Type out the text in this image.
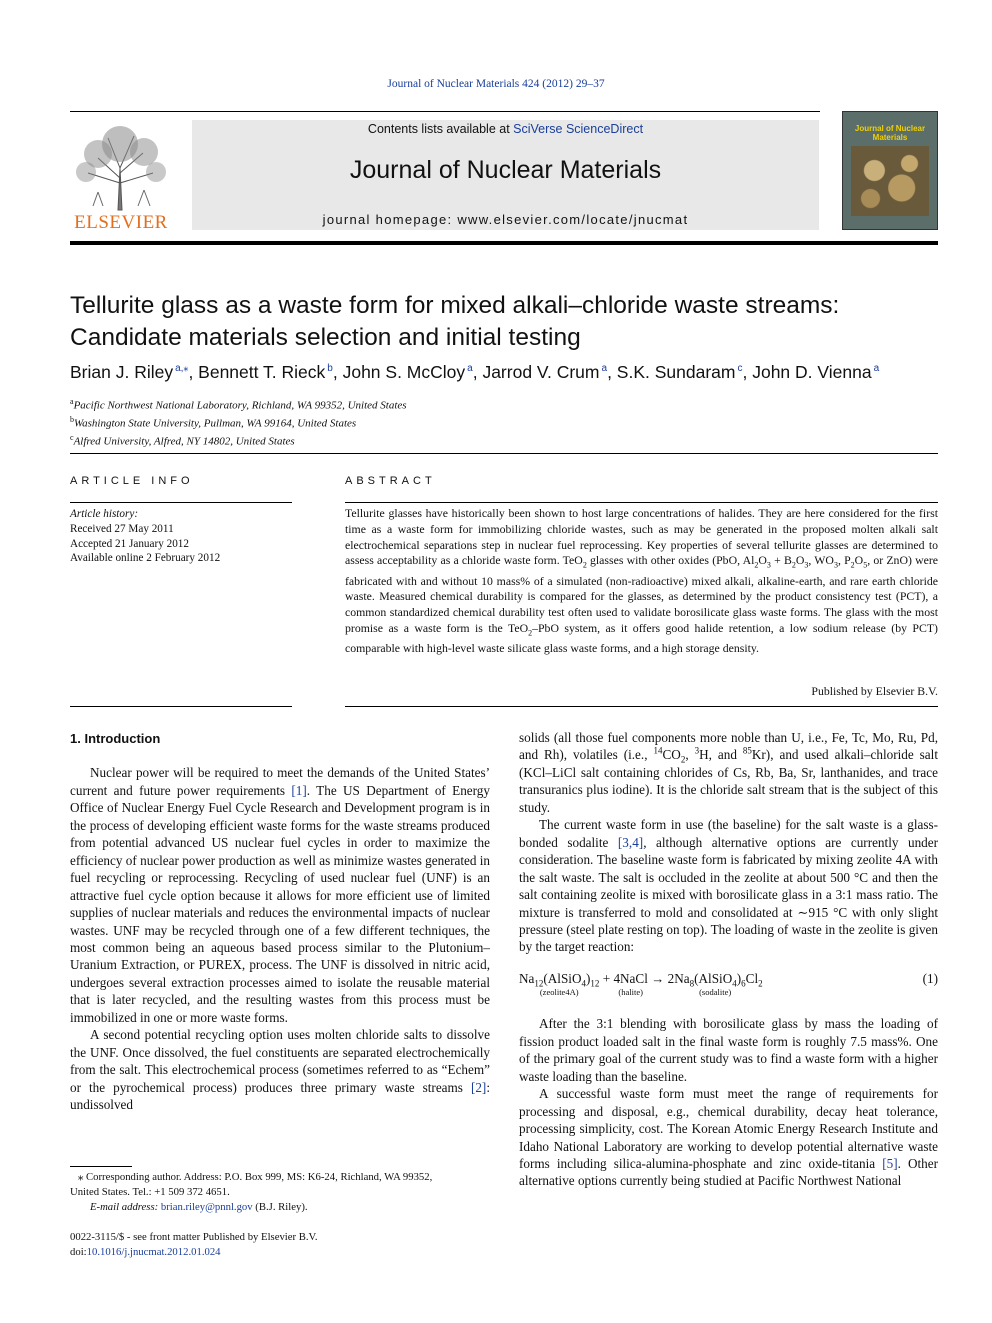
Journal of Nuclear Materials 424 (2012) 29–37
ELSEVIER
Contents lists available at SciVerse ScienceDirect
Journal of Nuclear Materials
journal homepage: www.elsevier.com/locate/jnucmat
Journal of Nuclear Materials
Tellurite glass as a waste form for mixed alkali–chloride waste streams: Candidate materials selection and initial testing
Brian J. Riley $^{a,⁎}$, Bennett T. Rieck $^b$, John S. McCloy $^a$, Jarrod V. Crum $^a$, S.K. Sundaram $^c$, John D. Vienna $^a$
$^a$Pacific Northwest National Laboratory, Richland, WA 99352, United States
$^b$Washington State University, Pullman, WA 99164, United States
$^c$Alfred University, Alfred, NY 14802, United States
ARTICLE INFO
Article history:
Received 27 May 2011
Accepted 21 January 2012
Available online 2 February 2012
ABSTRACT
Tellurite glasses have historically been shown to host large concentrations of halides. They are here considered for the first time as a waste form for immobilizing chloride wastes, such as may be generated in the proposed molten alkali salt electrochemical separations step in nuclear fuel reprocessing. Key properties of several tellurite glasses are determined to assess acceptability as a chloride waste form. TeO$_2$ glasses with other oxides (PbO, $Al_2O_3 + B_2O_3$, $WO_3$, $P_2O_5$, or ZnO) were fabricated with and without 10 mass% of a simulated (non-radioactive) mixed alkali, alkaline-earth, and rare earth chloride waste. Measured chemical durability is compared for the glasses, as determined by the product consistency test (PCT), a common standardized chemical durability test often used to validate borosilicate glass waste forms. The glass with the most promise as a waste form is the TeO$_2$–PbO system, as it offers good halide retention, a low sodium release (by PCT) comparable with high-level waste silicate glass waste forms, and a high storage density.
Published by Elsevier B.V.

1. Introduction

Nuclear power will be required to meet the demands of the United States’ current and future power requirements [1]. The US Department of Energy Office of Nuclear Energy Fuel Cycle Research and Development program is in the process of developing efficient waste forms for the waste streams produced from potential advanced US nuclear fuel cycles in order to maximize the efficiency of nuclear power production as well as minimize wastes generated in fuel recycling or reprocessing. Recycling of used nuclear fuel (UNF) is an attractive fuel cycle option because it allows for more efficient use of limited supplies of nuclear materials and reduces the environmental impacts of nuclear wastes. UNF may be recycled through one of a few different techniques, the most common being an aqueous based process similar to the Plutonium–Uranium Extraction, or PUREX, process. The UNF is dissolved in nitric acid, undergoes several extraction processes aimed to isolate the reusable material that is later recycled, and the resulting wastes from this process must be immobilized in one or more waste forms.

A second potential recycling option uses molten chloride salts to dissolve the UNF. Once dissolved, the fuel constituents are separated electrochemically from the salt. This electrochemical process (sometimes referred to as “Echem” or the pyrochemical process) produces three primary waste streams [2]: undissolved

solids (all those fuel components more noble than U, i.e., Fe, Tc, Mo, Ru, Pd, and Rh), volatiles (i.e., $^{14}CO_2$, $^3$H, and $^{85}$Kr), and used alkali–chloride salt (KCl–LiCl salt containing chlorides of Cs, Rb, Ba, Sr, lanthanides, and trace transuranics plus iodine). It is the chloride salt stream that is the subject of this study.

The current waste form in use (the baseline) for the salt waste is a glass-bonded sodalite [3,4], although alternative options are currently under consideration. The baseline waste form is fabricated by mixing zeolite 4A with the salt waste. The salt is occluded in the zeolite at about 500 °C and then the salt containing zeolite is mixed with borosilicate glass in a 3:1 mass ratio. The mixture is transferred to mold and consolidated at ∼915 °C with only slight pressure (steel plate resting on top). The loading of waste in the zeolite is given by the target reaction:

$Na_{12}(AlSiO_4)_{12}$
(zeolite4A)
+ 4NaCl
(halite)
→ $2Na_8(AlSiO_4)_6Cl_2$
(sodalite)
(1)

After the 3:1 blending with borosilicate glass by mass the loading of fission product loaded salt in the final waste form is roughly 7.5 mass%. One of the primary goal of the current study was to find a waste form with a higher waste loading than the baseline.

A successful waste form must meet the range of requirements for processing and disposal, e.g., chemical durability, decay heat tolerance, processing simplicity, cost. The Korean Atomic Energy Research Institute and Idaho National Laboratory are working to develop potential alternative waste forms including silica-alumina-phosphate and zinc oxide-titania [5]. Other alternative options currently being studied at Pacific Northwest National

⁎ Corresponding author. Address: P.O. Box 999, MS: K6-24, Richland, WA 99352,
United States. Tel.: +1 509 372 4651.
E-mail address: brian.riley@pnnl.gov (B.J. Riley).
0022-3115/$ - see front matter Published by Elsevier B.V.
doi:10.1016/j.jnucmat.2012.01.024
